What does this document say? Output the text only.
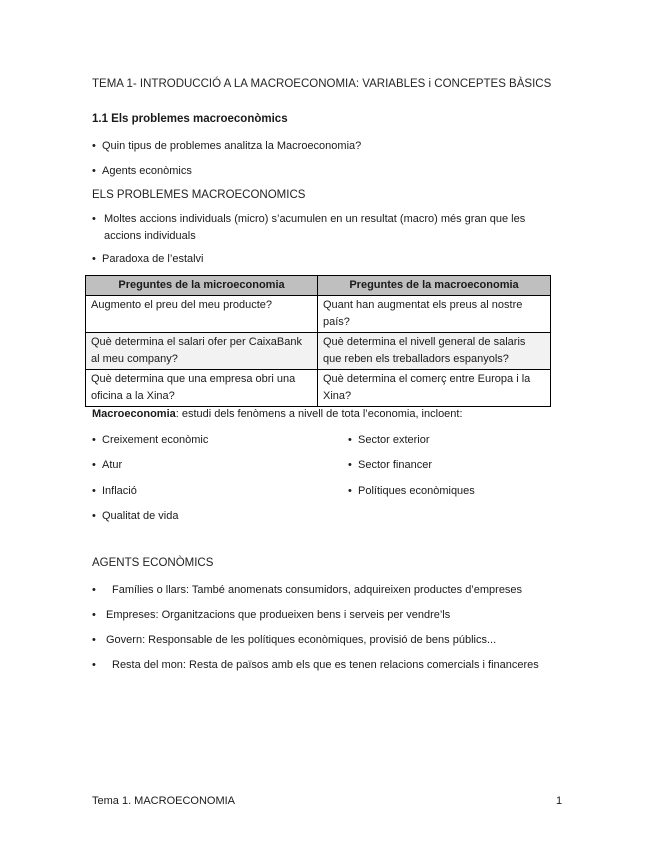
TEMA 1- INTRODUCCIÓ A LA MACROECONOMIA: VARIABLES i CONCEPTES BÀSICS
1.1 Els problemes macroeconòmics
• Quin tipus de problemes analitza la Macroeconomia?
• Agents econòmics
ELS PROBLEMES MACROECONOMICS
• Moltes accions individuals (micro) s’acumulen en un resultat (macro) més gran que les accions individuals
• Paradoxa de l’estalvi
Preguntes de la microeconomia	Preguntes de la macroeconomia
Augmento el preu del meu producte?	Quant han augmentat els preus al nostre país?
Què determina el salari ofer per CaixaBank al meu company?	Què determina el nivell general de salaris que reben els treballadors espanyols?
Què determina que una empresa obri una oficina a la Xina?	Què determina el comerç entre Europa i la Xina?
Macroeconomia: estudi dels fenòmens a nivell de tota l’economia, incloent:
• Creixement econòmic
• Atur
• Inflació
• Qualitat de vida
• Sector exterior
• Sector financer
• Polítiques econòmiques
AGENTS ECONÒMICS
•	Famílies o llars: També anomenats consumidors, adquireixen productes d’empreses
• Empreses: Organitzacions que produeixen bens i serveis per vendre’ls
• Govern: Responsable de les polítiques econòmiques, provisió de bens públics...
•	Resta del mon: Resta de països amb els que es tenen relacions comercials i financeres
Tema 1. MACROECONOMIA	1
